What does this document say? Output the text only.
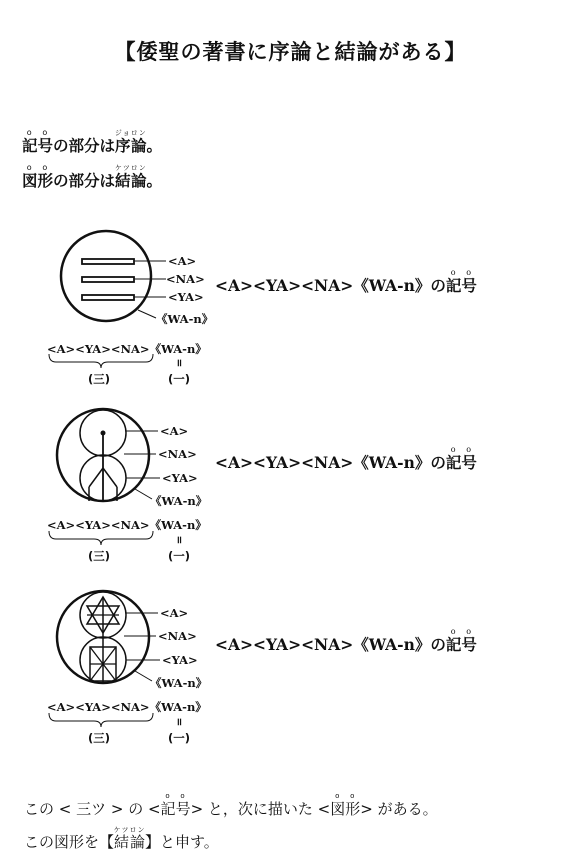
【倭聖の著書に序論と結論がある】
記o号oの部分は序論ジョロン。
図o形oの部分は結論ケツロン。
<A>
<NA>
<YA>
《WA-n》
<A><YA><NA>《WA-n》
(三)
॥
(一)
<A><YA><NA>《WA-n》の記o号o
<A>
<NA>
<YA>
《WA-n》
<A><YA><NA>《WA-n》
(三)
॥
(一)
<A><YA><NA>《WA-n》の記o号o
<A>
<NA>
<YA>
《WA-n》
<A><YA><NA>《WA-n》
(三)
॥
(一)
<A><YA><NA>《WA-n》の記o号o
この < 三ツ > の <記o号o> と，次に描いた <図o形o> がある。
この図形を【結論ケツロン】と申す。
